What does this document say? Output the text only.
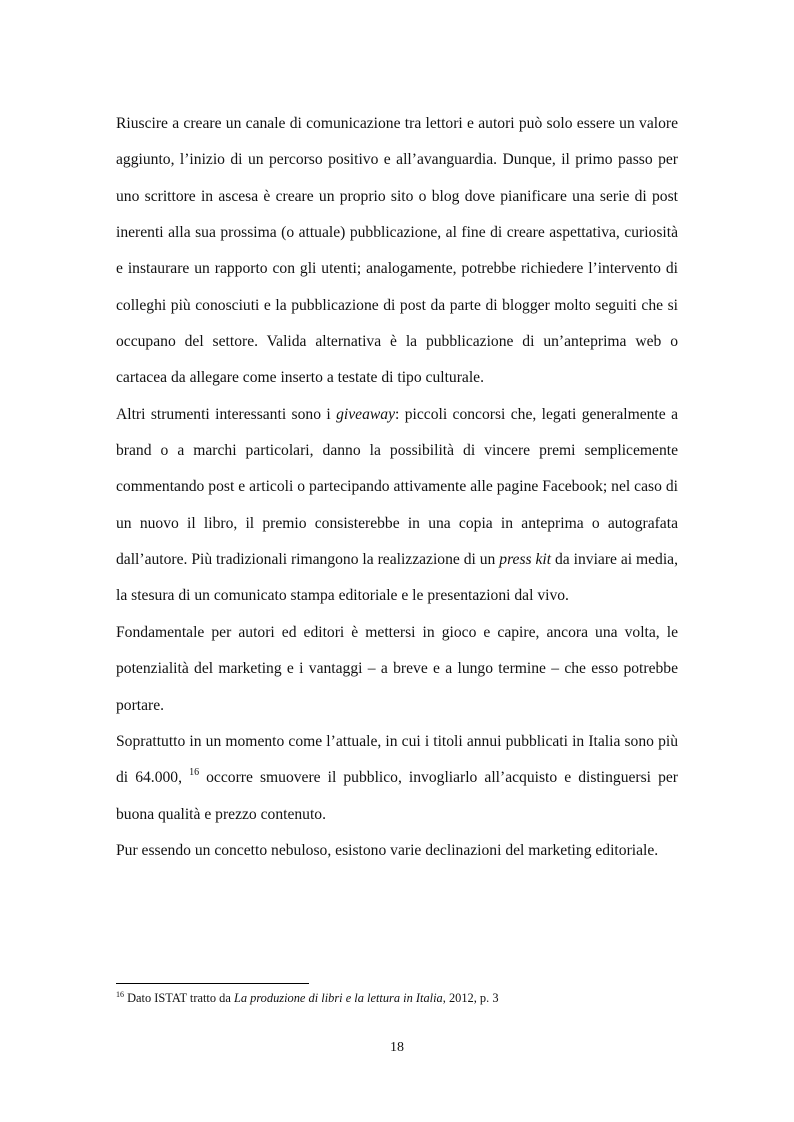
Riuscire a creare un canale di comunicazione tra lettori e autori può solo essere un valore aggiunto, l’inizio di un percorso positivo e all’avanguardia. Dunque, il primo passo per uno scrittore in ascesa è creare un proprio sito o blog dove pianificare una serie di post inerenti alla sua prossima (o attuale) pubblicazione, al fine di creare aspettativa, curiosità e instaurare un rapporto con gli utenti; analogamente, potrebbe richiedere l’intervento di colleghi più conosciuti e la pubblicazione di post da parte di blogger molto seguiti che si occupano del settore. Valida alternativa è la pubblicazione di un’anteprima web o cartacea da allegare come inserto a testate di tipo culturale.

Altri strumenti interessanti sono i giveaway: piccoli concorsi che, legati generalmente a brand o a marchi particolari, danno la possibilità di vincere premi semplicemente commentando post e articoli o partecipando attivamente alle pagine Facebook; nel caso di un nuovo il libro, il premio consisterebbe in una copia in anteprima o autografata dall’autore. Più tradizionali rimangono la realizzazione di un press kit da inviare ai media, la stesura di un comunicato stampa editoriale e le presentazioni dal vivo.

Fondamentale per autori ed editori è mettersi in gioco e capire, ancora una volta, le potenzialità del marketing e i vantaggi – a breve e a lungo termine – che esso potrebbe portare.

Soprattutto in un momento come l’attuale, in cui i titoli annui pubblicati in Italia sono più di 64.000, $^{16}$ occorre smuovere il pubblico, invogliarlo all’acquisto e distinguersi per buona qualità e prezzo contenuto.

Pur essendo un concetto nebuloso, esistono varie declinazioni del marketing editoriale.

$^{16}$ Dato ISTAT tratto da La produzione di libri e la lettura in Italia, 2012, p. 3
18
